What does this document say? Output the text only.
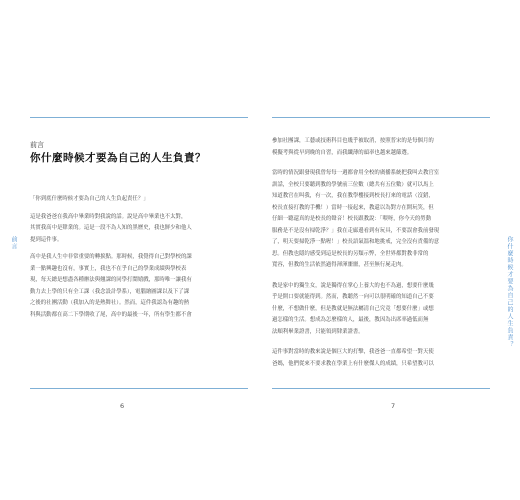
前言
前言
你什麼時候才要為自己的人生負責？
「你到底什麼時候才要為自己的人生負起責任？」
這是我爸爸在我高中畢業時對我說的話。說是高中畢業也不太對，
其實我高中是肄業的。這是一段不為人知的黑歷史，我也鮮少和他人
提到這件事。
高中是我人生中非常重要的轉捩點。那時候，我覺得自己對學校的課
業一點興趣也沒有，事實上，我也不在乎自己的學業成績與學校表
現，每天總是想盡各種辦法與翹課的同學打鬧嬉戲，那時唯一讓我有
動力去上學的只有全工課（我念設計學系），電腦繪圖課以及下了課
之後的社團活動（我加入的是熱舞社）。然而，這件我認為有趣的熱
科與活動都在高二下學期收了尾，高中的最後一年，所有學生都不會
6
你什麼時候才要為自己的人生負責？
參加社團課，工藝或技術科目也幾乎被取消，按照普宋的是每個月的
模擬考與從早到晚的自習，而我纖薄的頭率也越來越篩選。
當時的情況跟發現我曾每每一週都會用全校的廣播系統把我叫去教官室
訓話，全校只要聽到教的學號前三位數（總共有五位數）就可以馬上
知道教官在叫我，有一次，我在教學樓接到校長打來的電話（沒錯，
校長直接打教的手機！）當時一接起來，教還以為對方在開玩笑，但
仔細一聽還真的是校長的聲音！校長跟教說：「喂呀，你今天的勞動
服務是不是沒有掃乾淨？」我在走廊邊看到有玩具，不要誤會我前發現
了，明天要掃乾淨一點喔！」校長語氣溫和地挑戒，完全沒有責備的意
思。但教也隱約感受到這是校長的另類示弊，全世界都對教非常的
寬容，但教的生活依然過得渾渾噩噩，甚至無行屍走肉。
教是家中的獨生女，說是獨得在掌心上養大的也不為過，想要什麼幾
乎是開口要就能得到。然而，教聽然一向可以很明確的知道自己不要
什麼，不想做什麼，但是教就是無法屬清自己究竟「想要什麼」或想
過怎樣的生活。想成為怎麼樣的人，最後，教因為出席率過低而無
法順利畢業證書，只能領到肄業證書。
這件事對當時的教來說是個巨大的打擊，我爸爸一直都希望一對天使
爸媽，他們從來不要求教在學業上有什麼傑人的成績，只希望教可以
7
